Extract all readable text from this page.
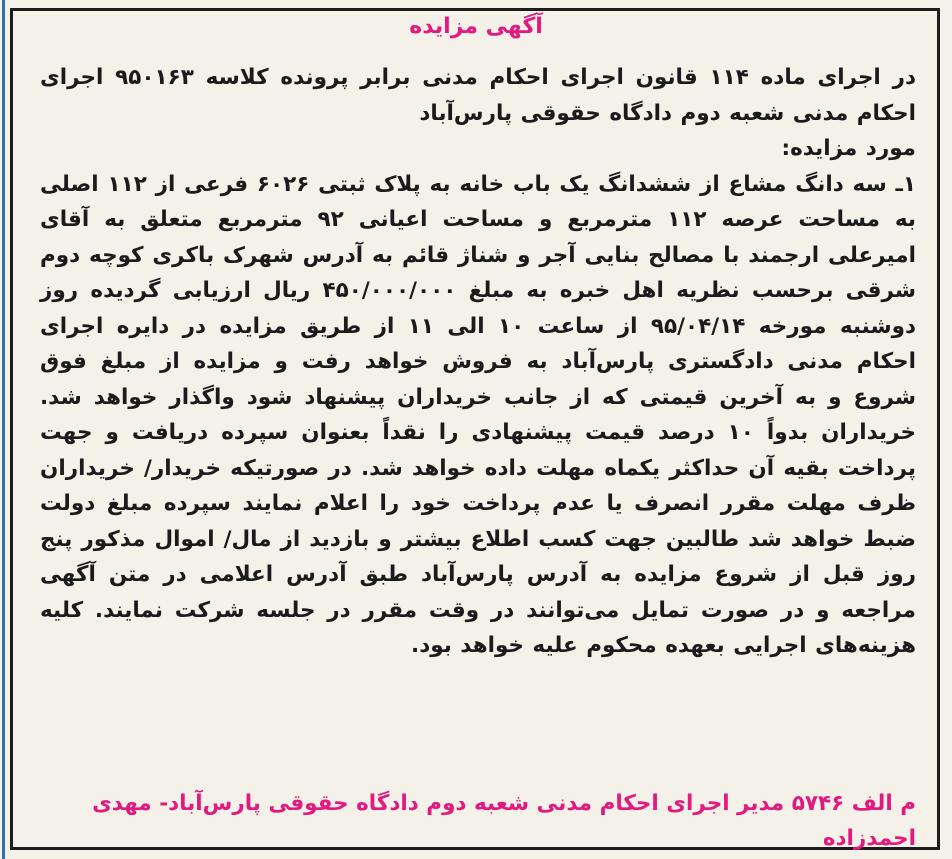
آگهی مزایده

در اجرای ماده ۱۱۴ قانون اجرای احکام مدنی برابر پرونده کلاسه ۹۵۰۱۶۳ اجرای احکام مدنی شعبه دوم دادگاه حقوقی پارس‌آباد

مورد مزایده:

۱ـ سه دانگ مشاع از ششدانگ یک باب خانه به پلاک ثبتی ۶۰۲۶ فرعی از ۱۱۲ اصلی به مساحت عرصه ۱۱۲ مترمربع و مساحت اعیانی ۹۲ مترمربع متعلق به آقای امیرعلی ارجمند با مصالح بنایی آجر و شناژ قائم به آدرس شهرک باکری کوچه دوم شرقی برحسب نظریه اهل خبره به مبلغ ۴۵۰/۰۰۰/۰۰۰ ریال ارزیابی گردیده روز دوشنبه مورخه ۹۵/۰۴/۱۴ از ساعت ۱۰ الی ۱۱ از طریق مزایده در دایره اجرای احکام مدنی دادگستری پارس‌آباد به فروش خواهد رفت و مزایده از مبلغ فوق شروع و به آخرین قیمتی که از جانب خریداران پیشنهاد شود واگذار خواهد شد. خریداران بدواً ۱۰ درصد قیمت پیشنهادی را نقداً بعنوان سپرده دریافت و جهت پرداخت بقیه آن حداکثر یکماه مهلت داده خواهد شد. در صورتیکه خریدار/ خریداران ظرف مهلت مقرر انصرف یا عدم پرداخت خود را اعلام نمایند سپرده مبلغ دولت ضبط خواهد شد طالبین جهت کسب اطلاع بیشتر و بازدید از مال/ اموال مذکور پنج روز قبل از شروع مزایده به آدرس پارس‌آباد طبق آدرس اعلامی در متن آگهی مراجعه و در صورت تمایل می‌توانند در وقت مقرر در جلسه شرکت نمایند. کلیه هزینه‌های اجرایی بعهده محکوم علیه خواهد بود.

م الف ۵۷۴۶ مدیر اجرای احکام مدنی شعبه دوم دادگاه حقوقی پارس‌آباد- مهدی احمدزاده
